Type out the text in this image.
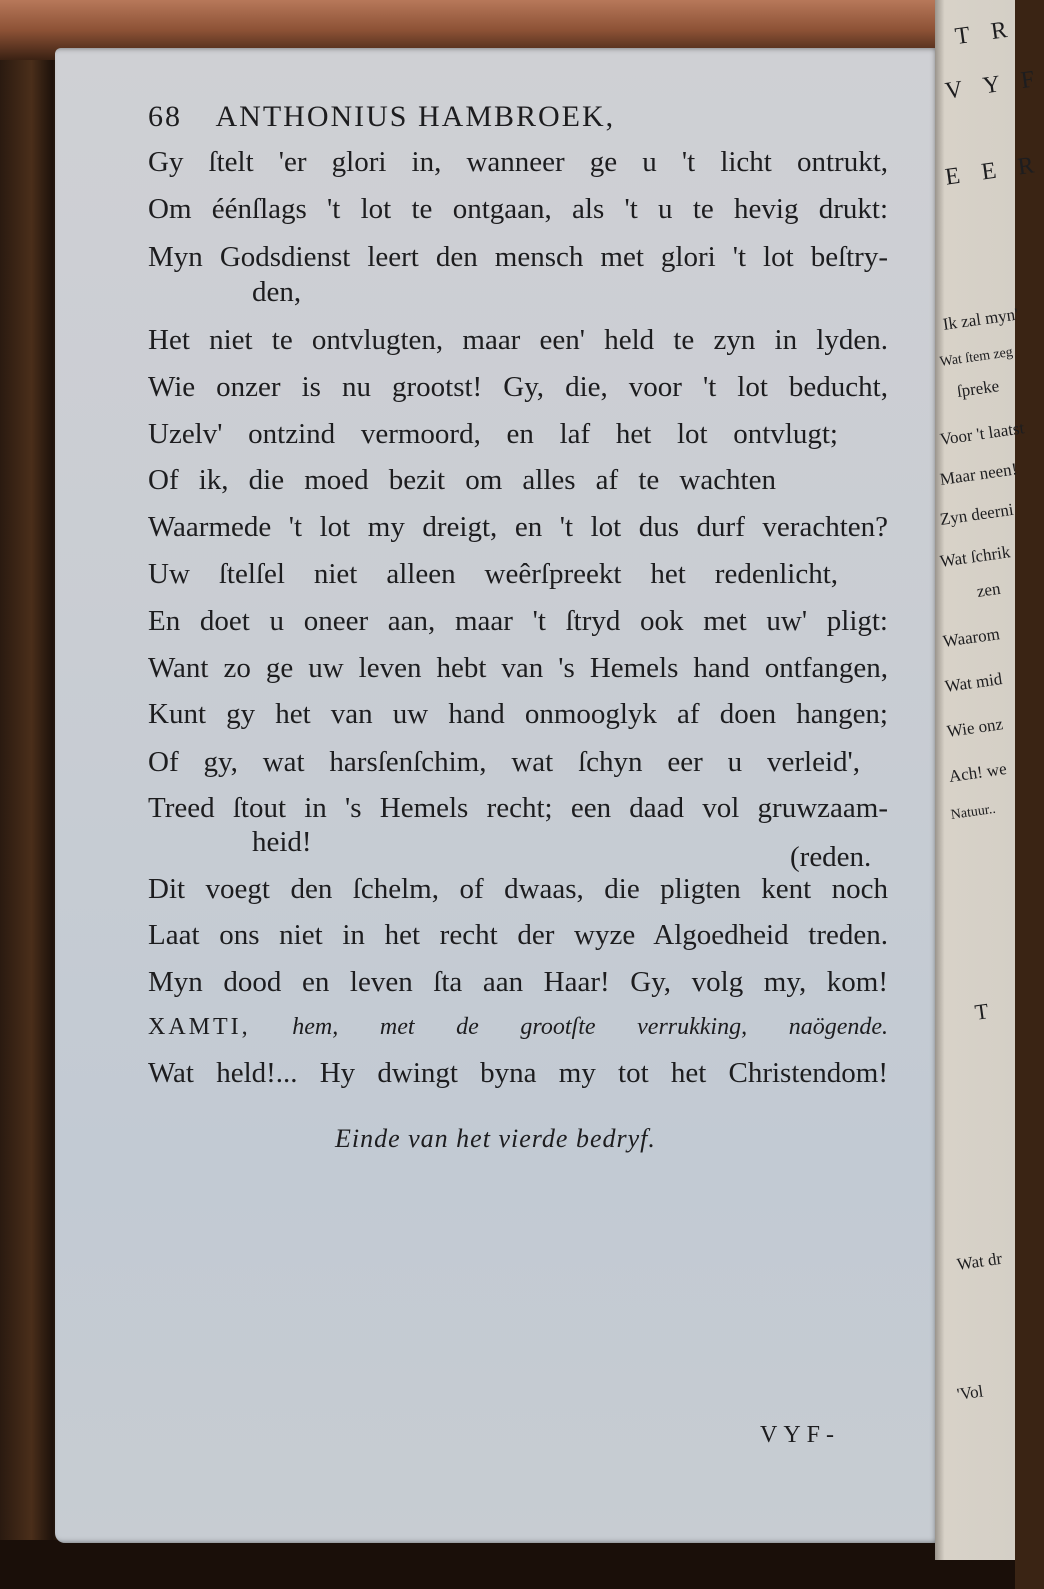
68 ANTHONIUS HAMBROEK,
Gy ſtelt 'er glori in, wanneer ge u 't licht ontrukt,
Om éénſlags 't lot te ontgaan, als 't u te hevig drukt:
Myn Godsdienst leert den mensch met glori 't lot beſtry-
den,
Het niet te ontvlugten, maar een' held te zyn in lyden.
Wie onzer is nu grootst! Gy, die, voor 't lot beducht,
Uzelv' ontzind vermoord, en laf het lot ontvlugt;
Of ik, die moed bezit om alles af te wachten
Waarmede 't lot my dreigt, en 't lot dus durf verachten?
Uw ſtelſel niet alleen weêrſpreekt het redenlicht,
En doet u oneer aan, maar 't ſtryd ook met uw' pligt:
Want zo ge uw leven hebt van 's Hemels hand ontfangen,
Kunt gy het van uw hand onmooglyk af doen hangen;
Of gy, wat harsſenſchim, wat ſchyn eer u verleid',
Treed ſtout in 's Hemels recht; een daad vol gruwzaam-
heid!	(reden.
Dit voegt den ſchelm, of dwaas, die pligten kent noch
Laat ons niet in het recht der wyze Algoedheid treden.
Myn dood en leven ſta aan Haar! Gy, volg my, kom!
XAMTI, hem, met de grootſte verrukking, naögende.
Wat held!... Hy dwingt byna my tot het Christendom!
Einde van het vierde bedryf.
VYF-
T R
V Y F
E E R
Ik zal myn'
Wat ſtem zeg
ſpreke
Voor 't laatst
Maar neen!
Zyn deerni
Wat ſchrik
zen
Waarom
Wat mid
Wie onz
Ach! we
Natuur..
T
Wat dr
'Vol
